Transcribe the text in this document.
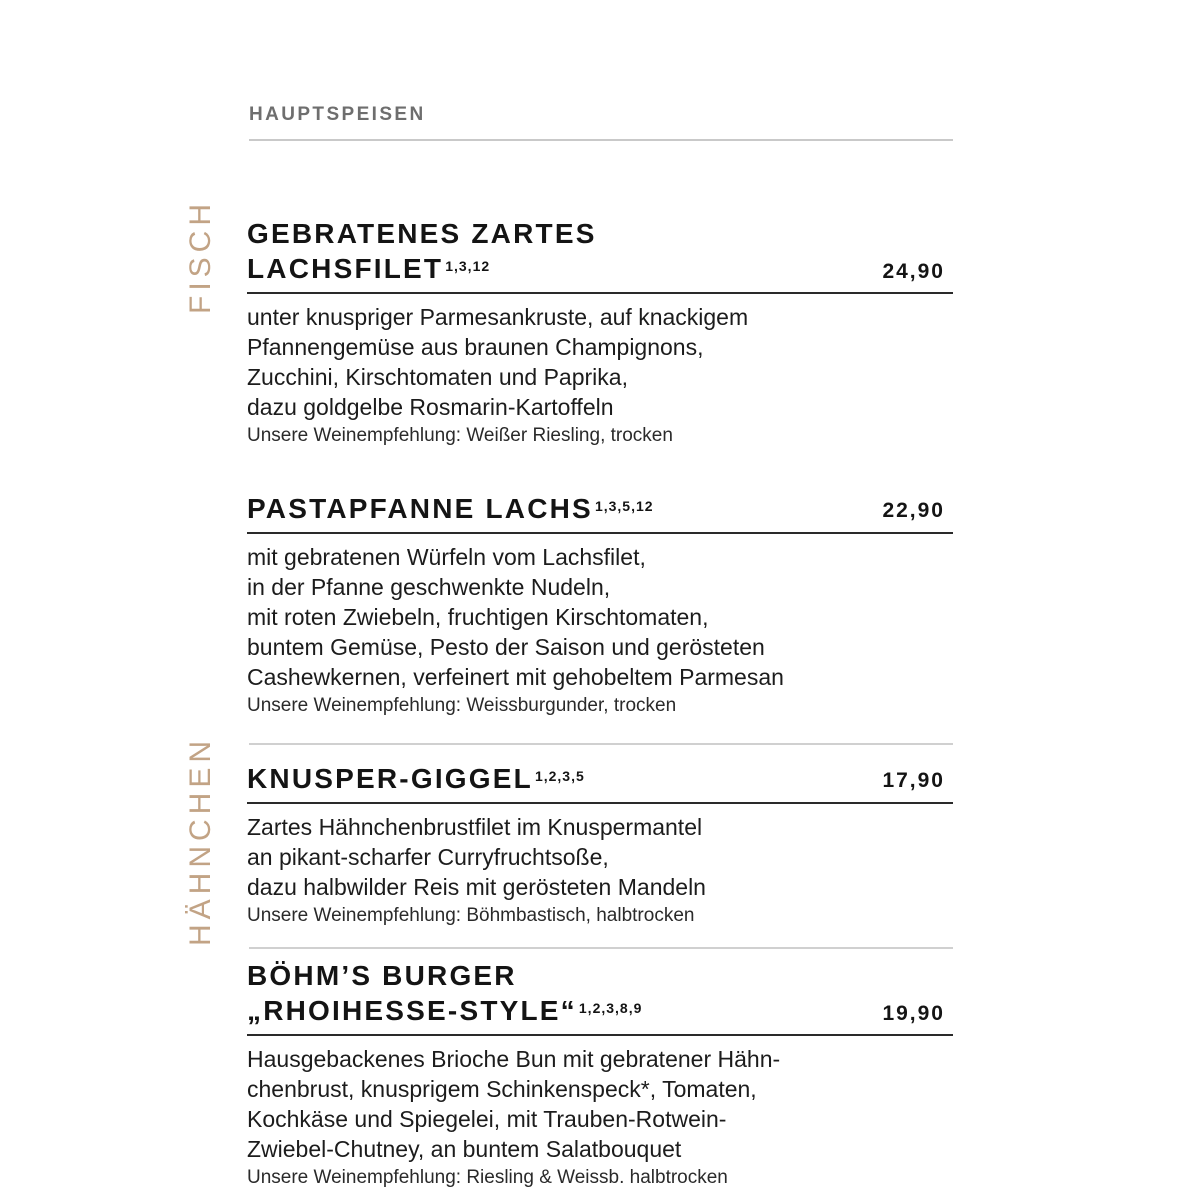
HAUPTSPEISEN
FISCH
HÄHNCHEN
GEBRATENES ZARTES
LACHSFILET $^{1,3,12}$	24,90
unter knuspriger Parmesankruste, auf knackigem
Pfannengemüse aus braunen Champignons,
Zucchini, Kirschtomaten und Paprika,
dazu goldgelbe Rosmarin-Kartoffeln
Unsere Weinempfehlung: Weißer Riesling, trocken
PASTAPFANNE LACHS $^{1,3,5,12}$	22,90
mit gebratenen Würfeln vom Lachsfilet,
in der Pfanne geschwenkte Nudeln,
mit roten Zwiebeln, fruchtigen Kirschtomaten,
buntem Gemüse, Pesto der Saison und gerösteten
Cashewkernen, verfeinert mit gehobeltem Parmesan
Unsere Weinempfehlung: Weissburgunder, trocken
KNUSPER-GIGGEL $^{1,2,3,5}$	17,90
Zartes Hähnchenbrustfilet im Knuspermantel
an pikant-scharfer Curryfruchtsoße,
dazu halbwilder Reis mit gerösteten Mandeln
Unsere Weinempfehlung: Böhmbastisch, halbtrocken
BÖHM’S BURGER
„RHOIHESSE-STYLE“ $^{1,2,3,8,9}$	19,90
Hausgebackenes Brioche Bun mit gebratener Hähn-
chenbrust, knusprigem Schinkenspeck*, Tomaten,
Kochkäse und Spiegelei, mit Trauben-Rotwein-
Zwiebel-Chutney, an buntem Salatbouquet
Unsere Weinempfehlung: Riesling & Weissb. halbtrocken
